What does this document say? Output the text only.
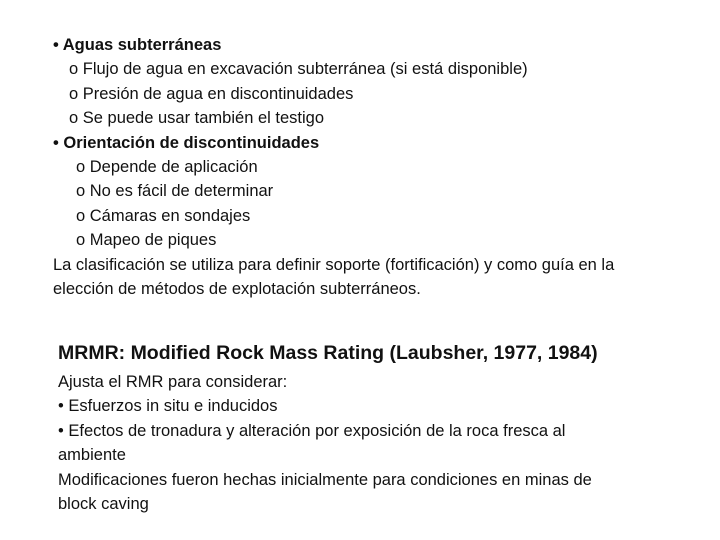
• Aguas subterráneas
o Flujo de agua en excavación subterránea (si está disponible)
o Presión de agua en discontinuidades
o Se puede usar también el testigo
• Orientación de discontinuidades
o Depende de aplicación
o No es fácil de determinar
o Cámaras en sondajes
o Mapeo de piques
La clasificación se utiliza para definir soporte (fortificación) y como guía en la
elección de métodos de explotación subterráneos.
MRMR: Modified Rock Mass Rating (Laubsher, 1977, 1984)
Ajusta el RMR para considerar:
• Esfuerzos in situ e inducidos
• Efectos de tronadura y alteración por exposición de la roca fresca al
ambiente
Modificaciones fueron hechas inicialmente para condiciones en minas de
block caving
